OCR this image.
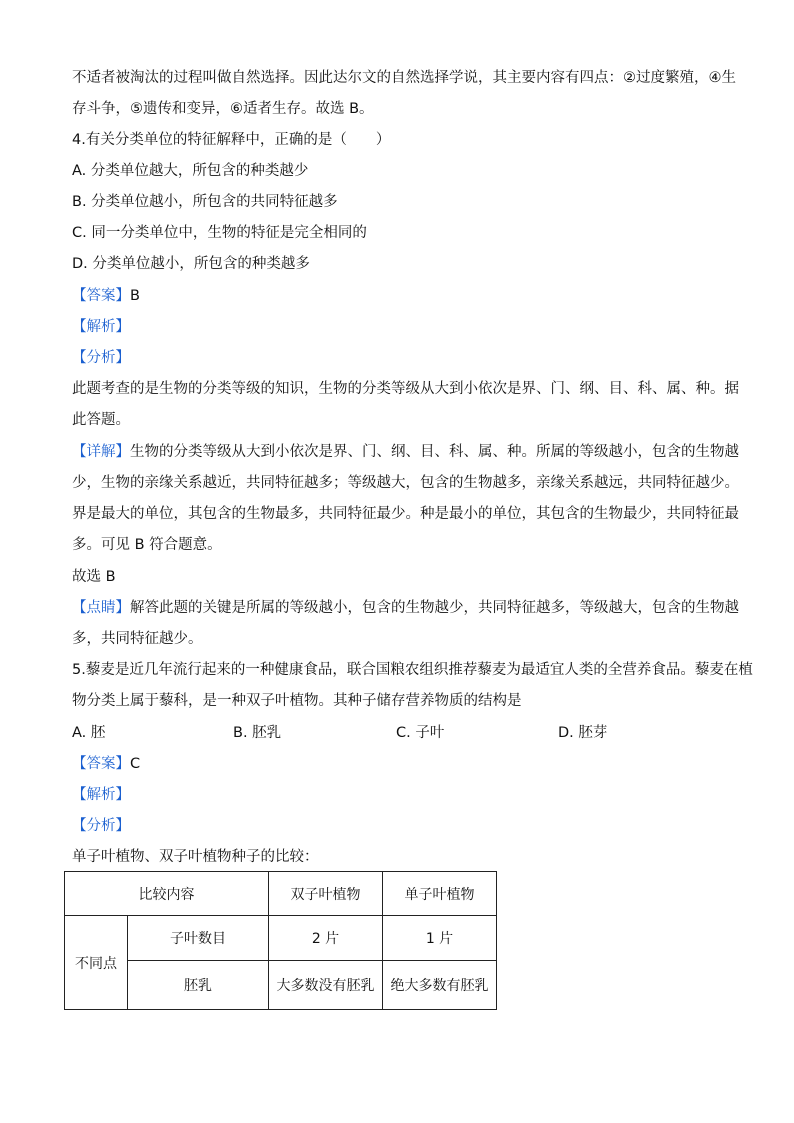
不适者被淘汰的过程叫做自然选择。因此达尔文的自然选择学说，其主要内容有四点：②过度繁殖，④生
存斗争，⑤遗传和变异，⑥适者生存。故选 B。
4.有关分类单位的特征解释中，正确的是（　　）
A. 分类单位越大，所包含的种类越少
B. 分类单位越小，所包含的共同特征越多
C. 同一分类单位中，生物的特征是完全相同的
D. 分类单位越小，所包含的种类越多
【答案】B
【解析】
【分析】
此题考查的是生物的分类等级的知识，生物的分类等级从大到小依次是界、门、纲、目、科、属、种。据
此答题。
【详解】生物的分类等级从大到小依次是界、门、纲、目、科、属、种。所属的等级越小，包含的生物越
少，生物的亲缘关系越近，共同特征越多；等级越大，包含的生物越多，亲缘关系越远，共同特征越少。
界是最大的单位，其包含的生物最多，共同特征最少。种是最小的单位，其包含的生物最少，共同特征最
多。可见 B 符合题意。
故选 B
【点睛】解答此题的关键是所属的等级越小，包含的生物越少，共同特征越多，等级越大，包含的生物越
多，共同特征越少。
5.藜麦是近几年流行起来的一种健康食品，联合国粮农组织推荐藜麦为最适宜人类的全营养食品。藜麦在植
物分类上属于藜科，是一种双子叶植物。其种子储存营养物质的结构是
A. 胚	B. 胚乳	C. 子叶	D. 胚芽
【答案】C
【解析】
【分析】
单子叶植物、双子叶植物种子的比较：
比较内容		双子叶植物	单子叶植物
不同点	子叶数目	2 片	1 片
	胚乳	大多数没有胚乳	绝大多数有胚乳
